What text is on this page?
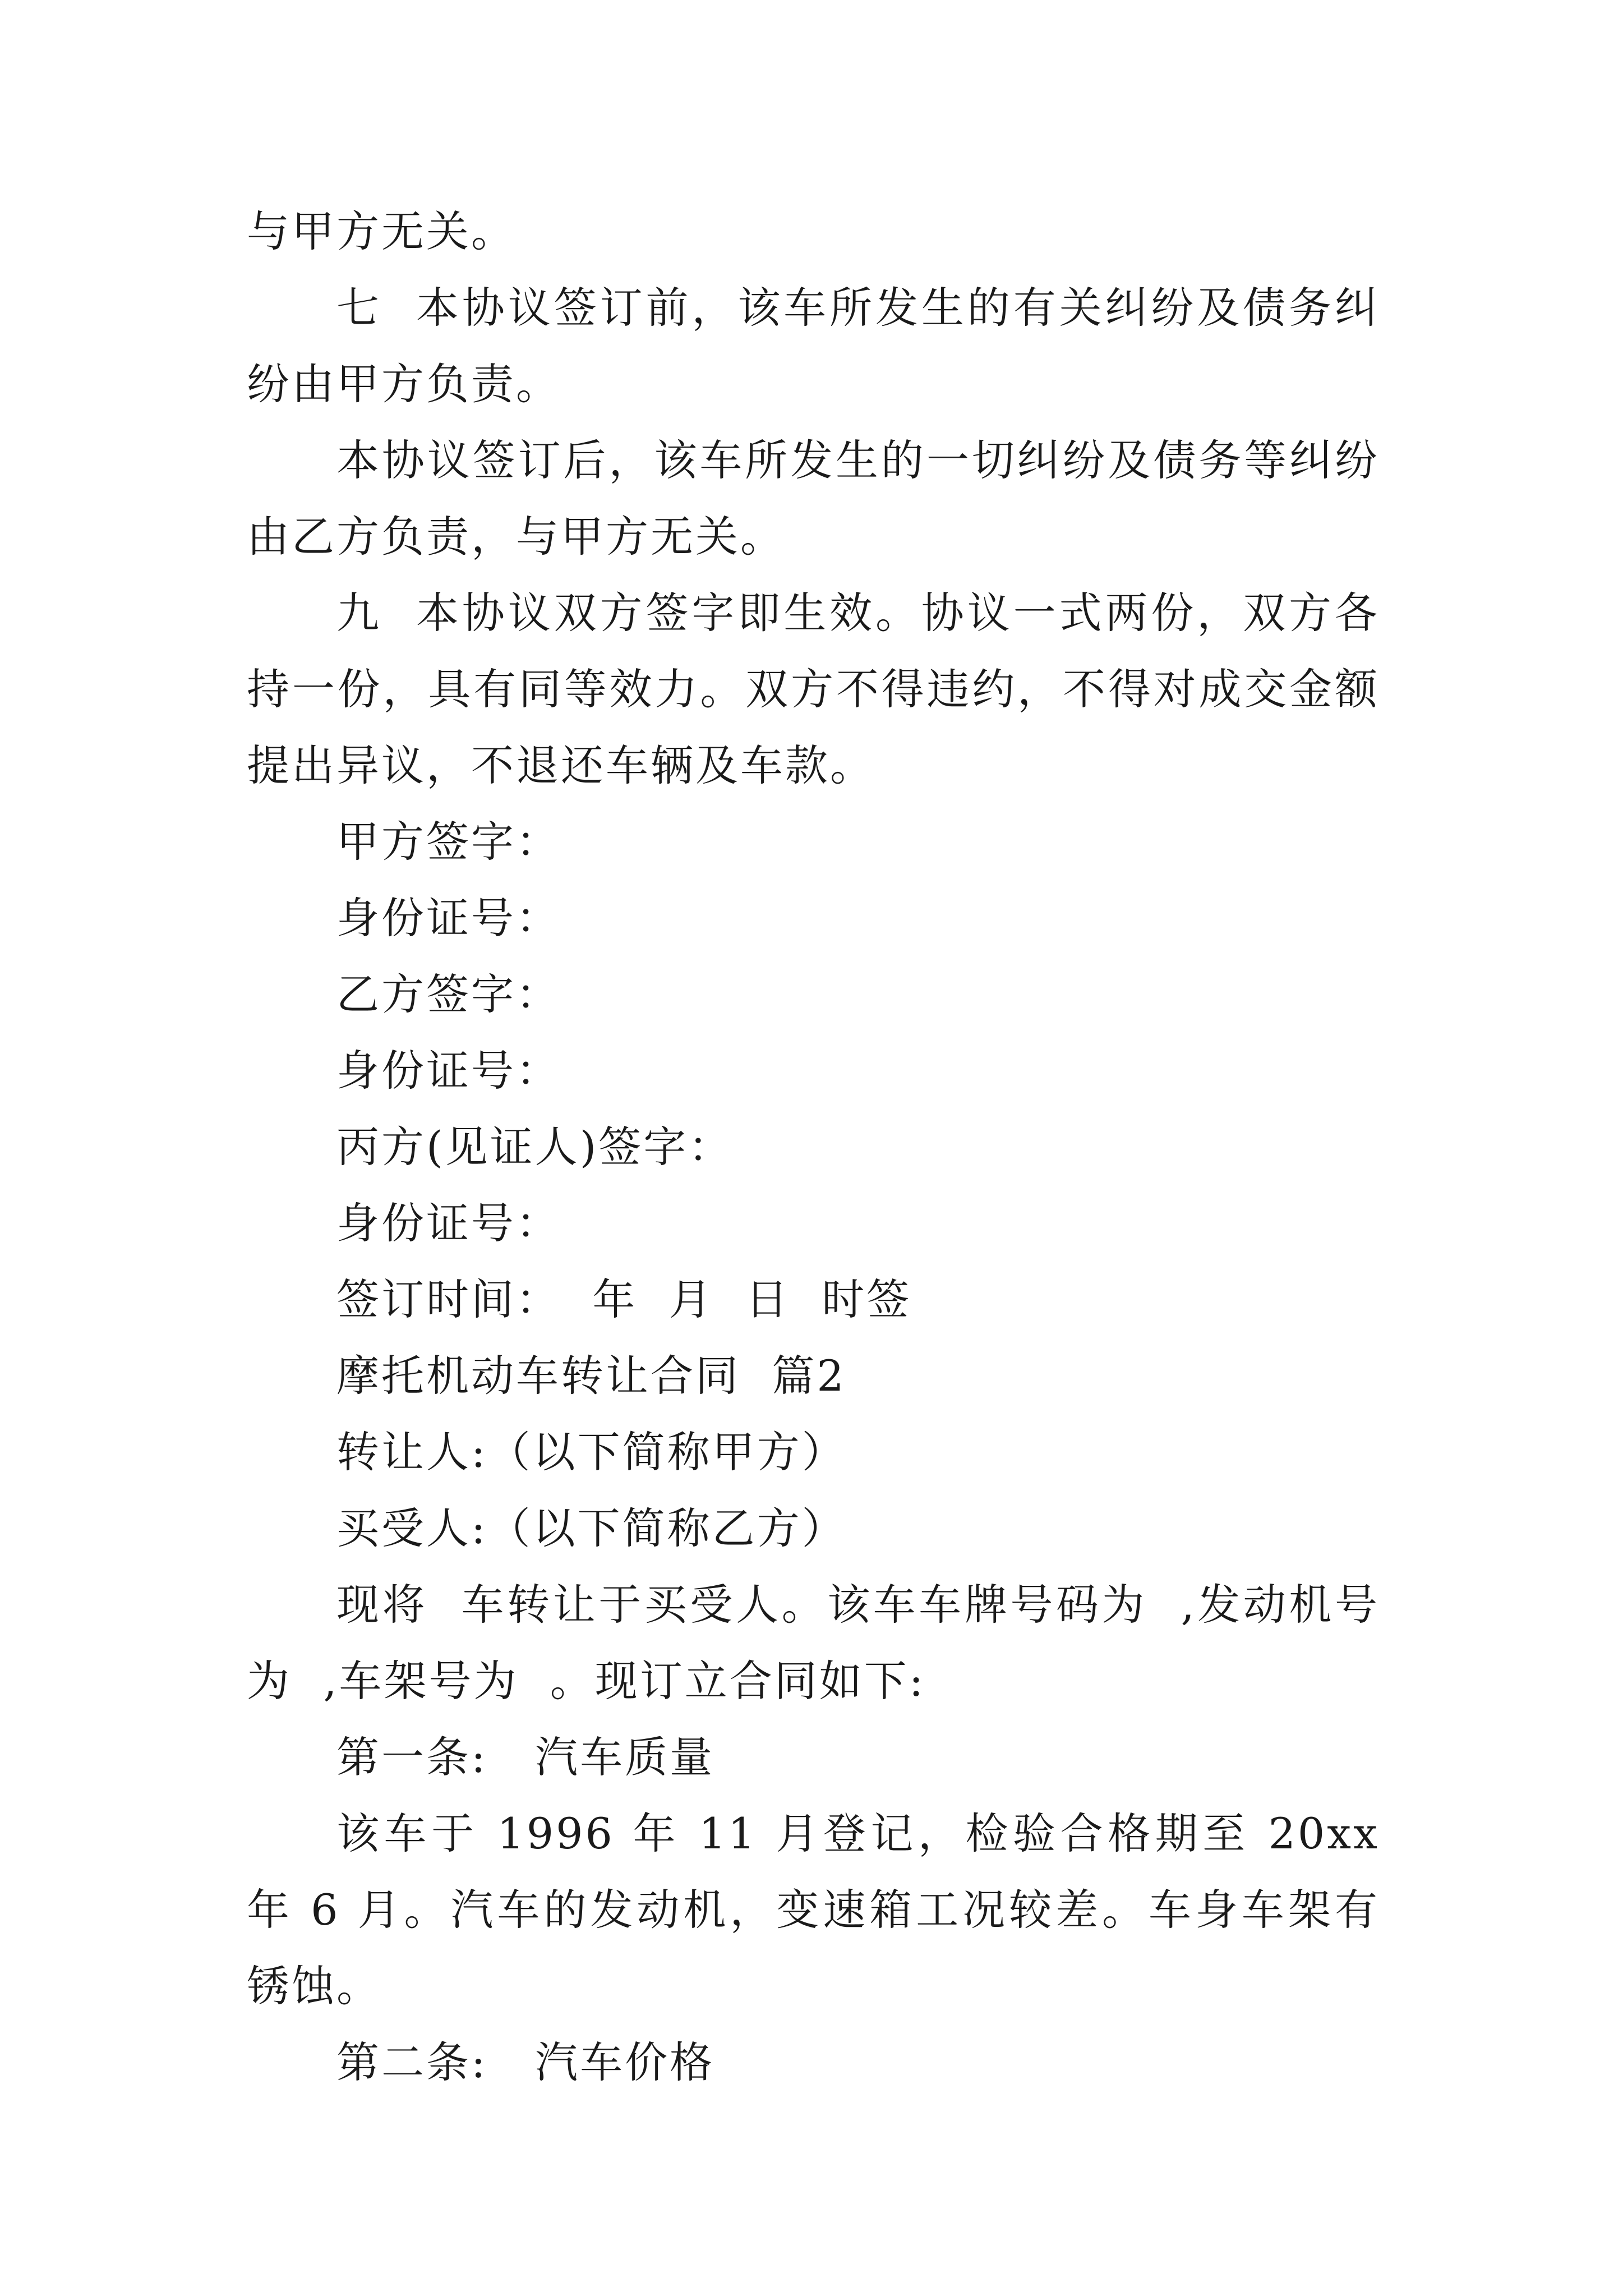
与甲方无关。

七  本协议签订前，该车所发生的有关纠纷及债务纠纷由甲方负责。

本协议签订后，该车所发生的一切纠纷及债务等纠纷由乙方负责，与甲方无关。

九  本协议双方签字即生效。协议一式两份，双方各持一份，具有同等效力。双方不得违约，不得对成交金额提出异议，不退还车辆及车款。

甲方签字：

身份证号：

乙方签字：

身份证号：

丙方(见证人)签字：

身份证号：

签订时间：  年  月  日  时签

摩托机动车转让合同  篇2

转让人:（以下简称甲方）

买受人:（以下简称乙方）

现将  车转让于买受人。该车车牌号码为  ,发动机号为  ,车架号为  。现订立合同如下:

第一条:   汽车质量

该车于 1996 年 11 月登记，检验合格期至 20xx 年 6 月。汽车的发动机，变速箱工况较差。车身车架有锈蚀。

第二条:   汽车价格
